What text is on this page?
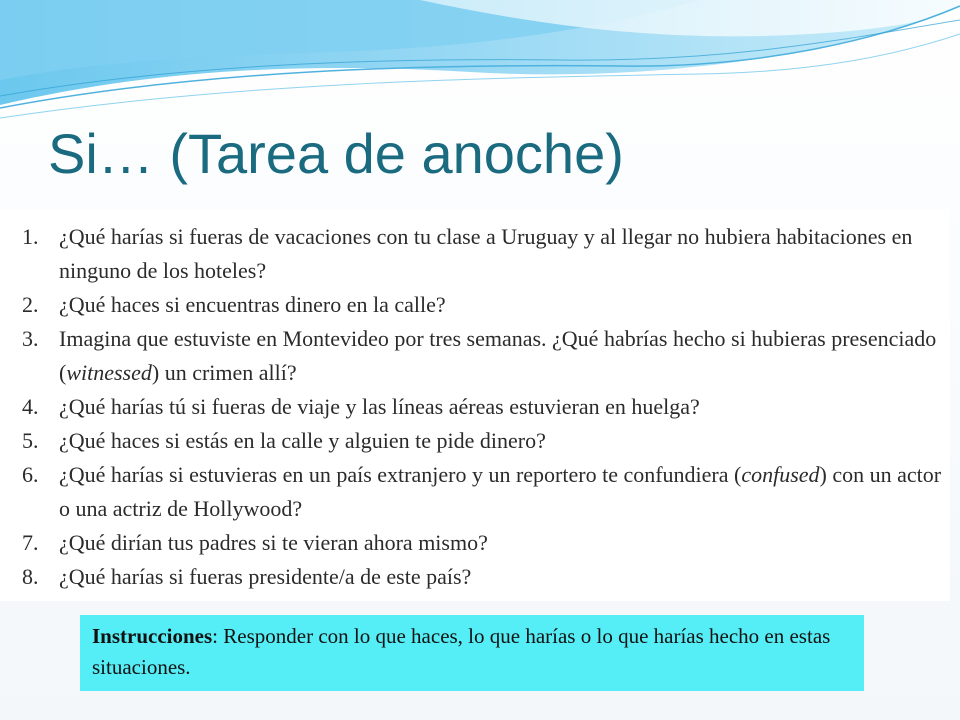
Si… (Tarea de anoche)
1. ¿Qué harías si fueras de vacaciones con tu clase a Uruguay y al llegar no hubiera habitaciones en ninguno de los hoteles?
2. ¿Qué haces si encuentras dinero en la calle?
3. Imagina que estuviste en Montevideo por tres semanas. ¿Qué habrías hecho si hubieras presenciado (witnessed) un crimen allí?
4. ¿Qué harías tú si fueras de viaje y las líneas aéreas estuvieran en huelga?
5. ¿Qué haces si estás en la calle y alguien te pide dinero?
6. ¿Qué harías si estuvieras en un país extranjero y un reportero te confundiera (confused) con un actor o una actriz de Hollywood?
7. ¿Qué dirían tus padres si te vieran ahora mismo?
8. ¿Qué harías si fueras presidente/a de este país?
Instrucciones: Responder con lo que haces, lo que harías o lo que harías hecho en estas situaciones.
